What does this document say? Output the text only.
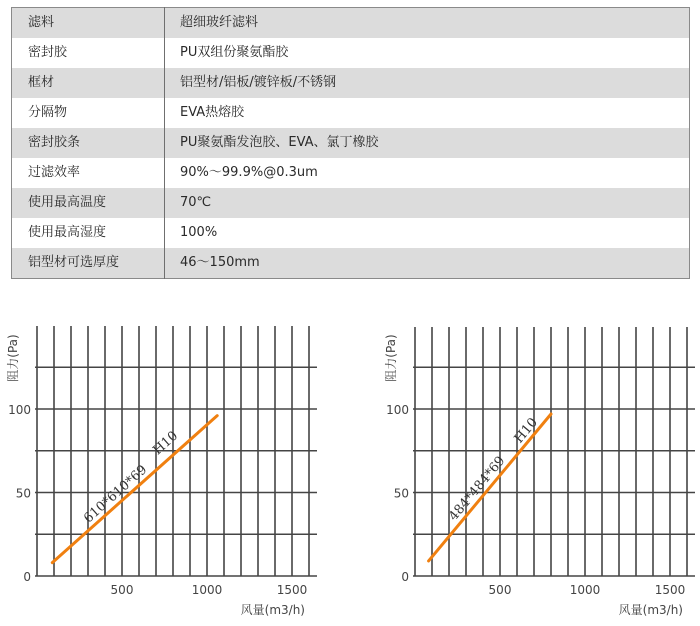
滤料	超细玻纤滤料
密封胶	PU双组份聚氨酯胶
框材	铝型材/铝板/镀锌板/不锈钢
分隔物	EVA热熔胶
密封胶条	PU聚氨酯发泡胶、EVA、氯丁橡胶
过滤效率	90%～99.9%@0.3um
使用最高温度	70℃
使用最高湿度	100%
铝型材可选厚度	46～150mm
0
50
100
500	1000	1500
风量(m3/h)
阻力(Pa)
610*610*69
H10
0
50
100
500	1000	1500
风量(m3/h)
阻力(Pa)
484*484*69
H10
